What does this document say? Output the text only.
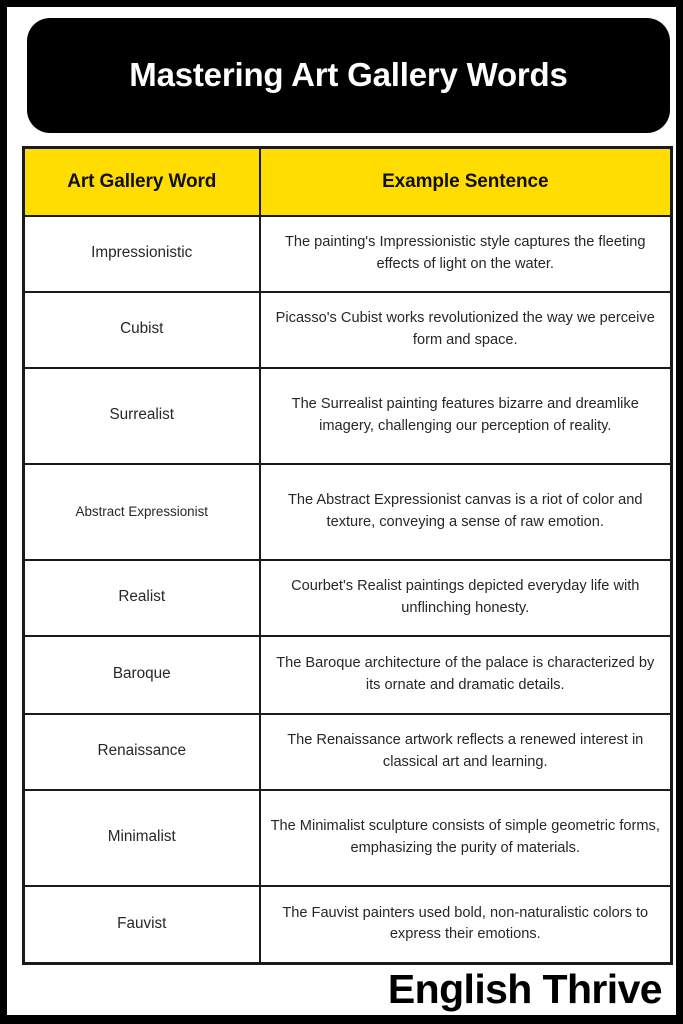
Mastering Art Gallery Words
Art Gallery Word	Example Sentence
Impressionistic	The painting's Impressionistic style captures the fleeting effects of light on the water.
Cubist	Picasso's Cubist works revolutionized the way we perceive form and space.
Surrealist	The Surrealist painting features bizarre and dreamlike imagery, challenging our perception of reality.
Abstract Expressionist	The Abstract Expressionist canvas is a riot of color and texture, conveying a sense of raw emotion.
Realist	Courbet's Realist paintings depicted everyday life with unflinching honesty.
Baroque	The Baroque architecture of the palace is characterized by its ornate and dramatic details.
Renaissance	The Renaissance artwork reflects a renewed interest in classical art and learning.
Minimalist	The Minimalist sculpture consists of simple geometric forms, emphasizing the purity of materials.
Fauvist	The Fauvist painters used bold, non-naturalistic colors to express their emotions.
English Thrive
